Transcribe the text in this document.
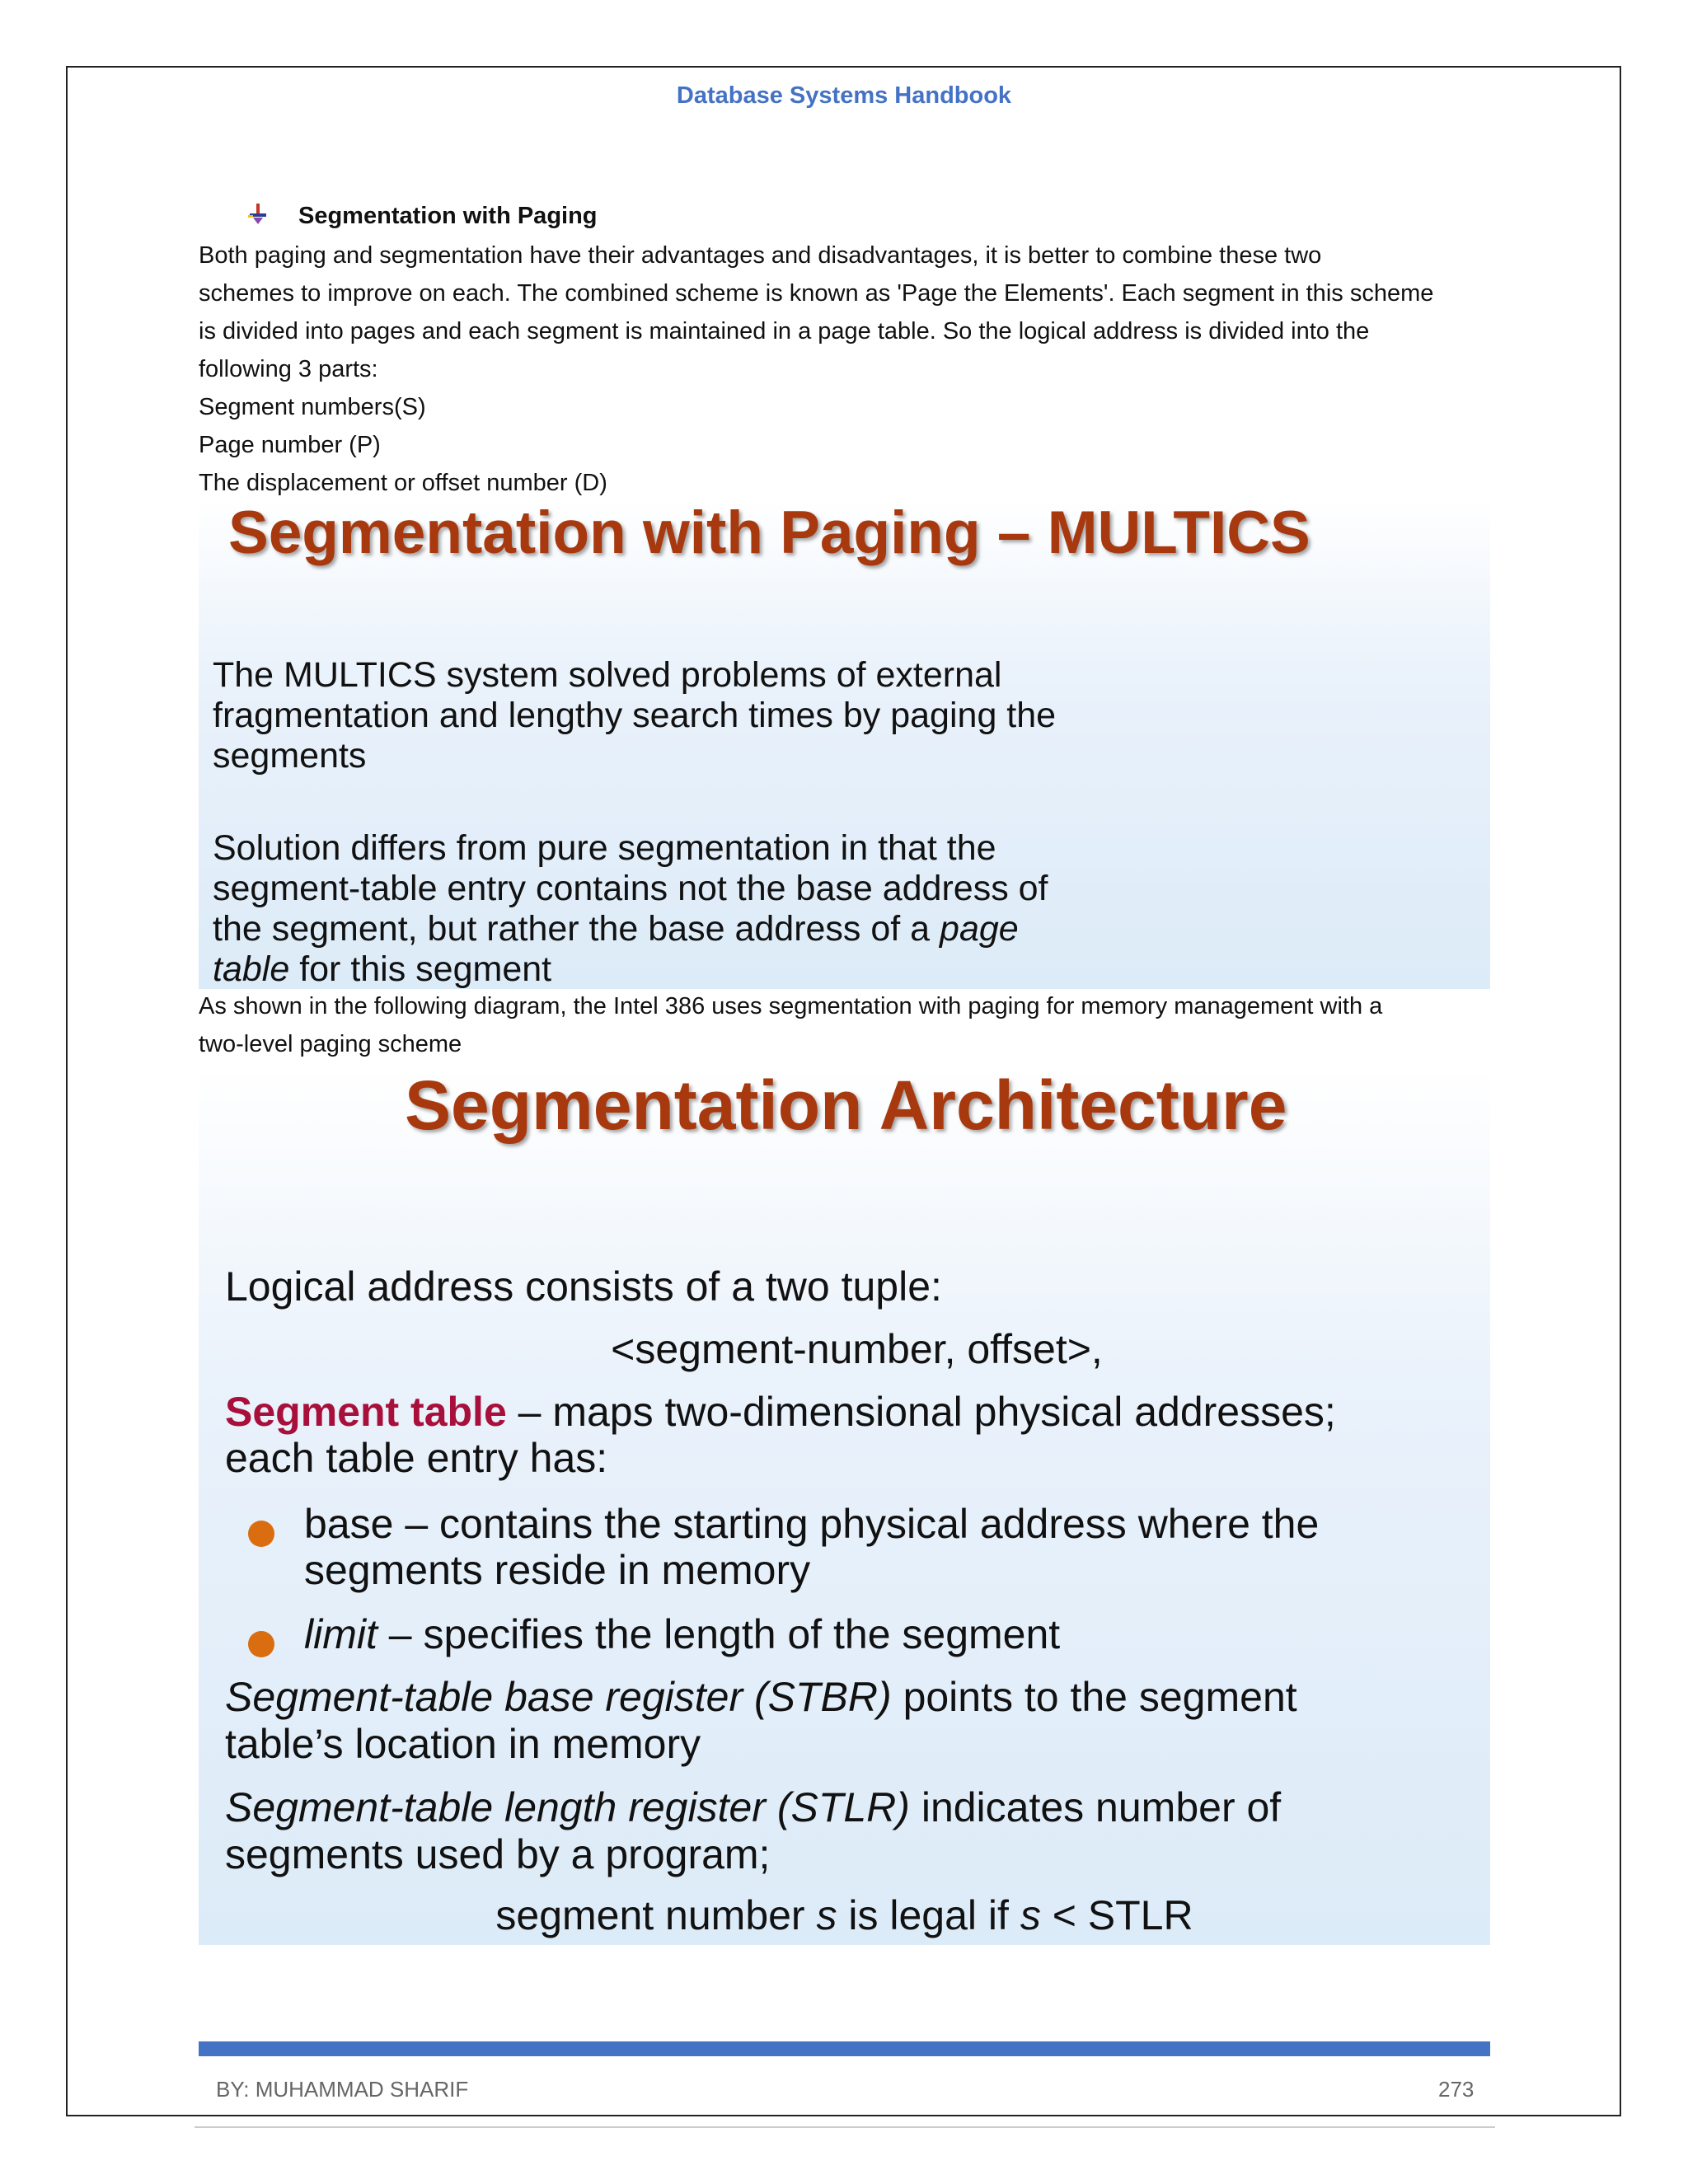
Database Systems Handbook
Segmentation with Paging

Both paging and segmentation have their advantages and disadvantages, it is better to combine these two

schemes to improve on each. The combined scheme is known as 'Page the Elements'. Each segment in this scheme

is divided into pages and each segment is maintained in a page table. So the logical address is divided into the

following 3 parts:

Segment numbers(S)

Page number (P)

The displacement or offset number (D)

Segmentation with Paging – MULTICS

The MULTICS system solved problems of external

fragmentation and lengthy search times by paging the

segments

Solution differs from pure segmentation in that the

segment-table entry contains not the base address of

the segment, but rather the base address of a page

table for this segment

As shown in the following diagram, the Intel 386 uses segmentation with paging for memory management with a

two-level paging scheme

Segmentation Architecture
Logical address consists of a two tuple:
<segment-number, offset>,
Segment table – maps two-dimensional physical addresses;
each table entry has:
base – contains the starting physical address where the
segments reside in memory
limit – specifies the length of the segment
Segment-table base register (STBR) points to the segment
table’s location in memory
Segment-table length register (STLR) indicates number of
segments used by a program;
segment number s is legal if s < STLR
BY: MUHAMMAD SHARIF	273
